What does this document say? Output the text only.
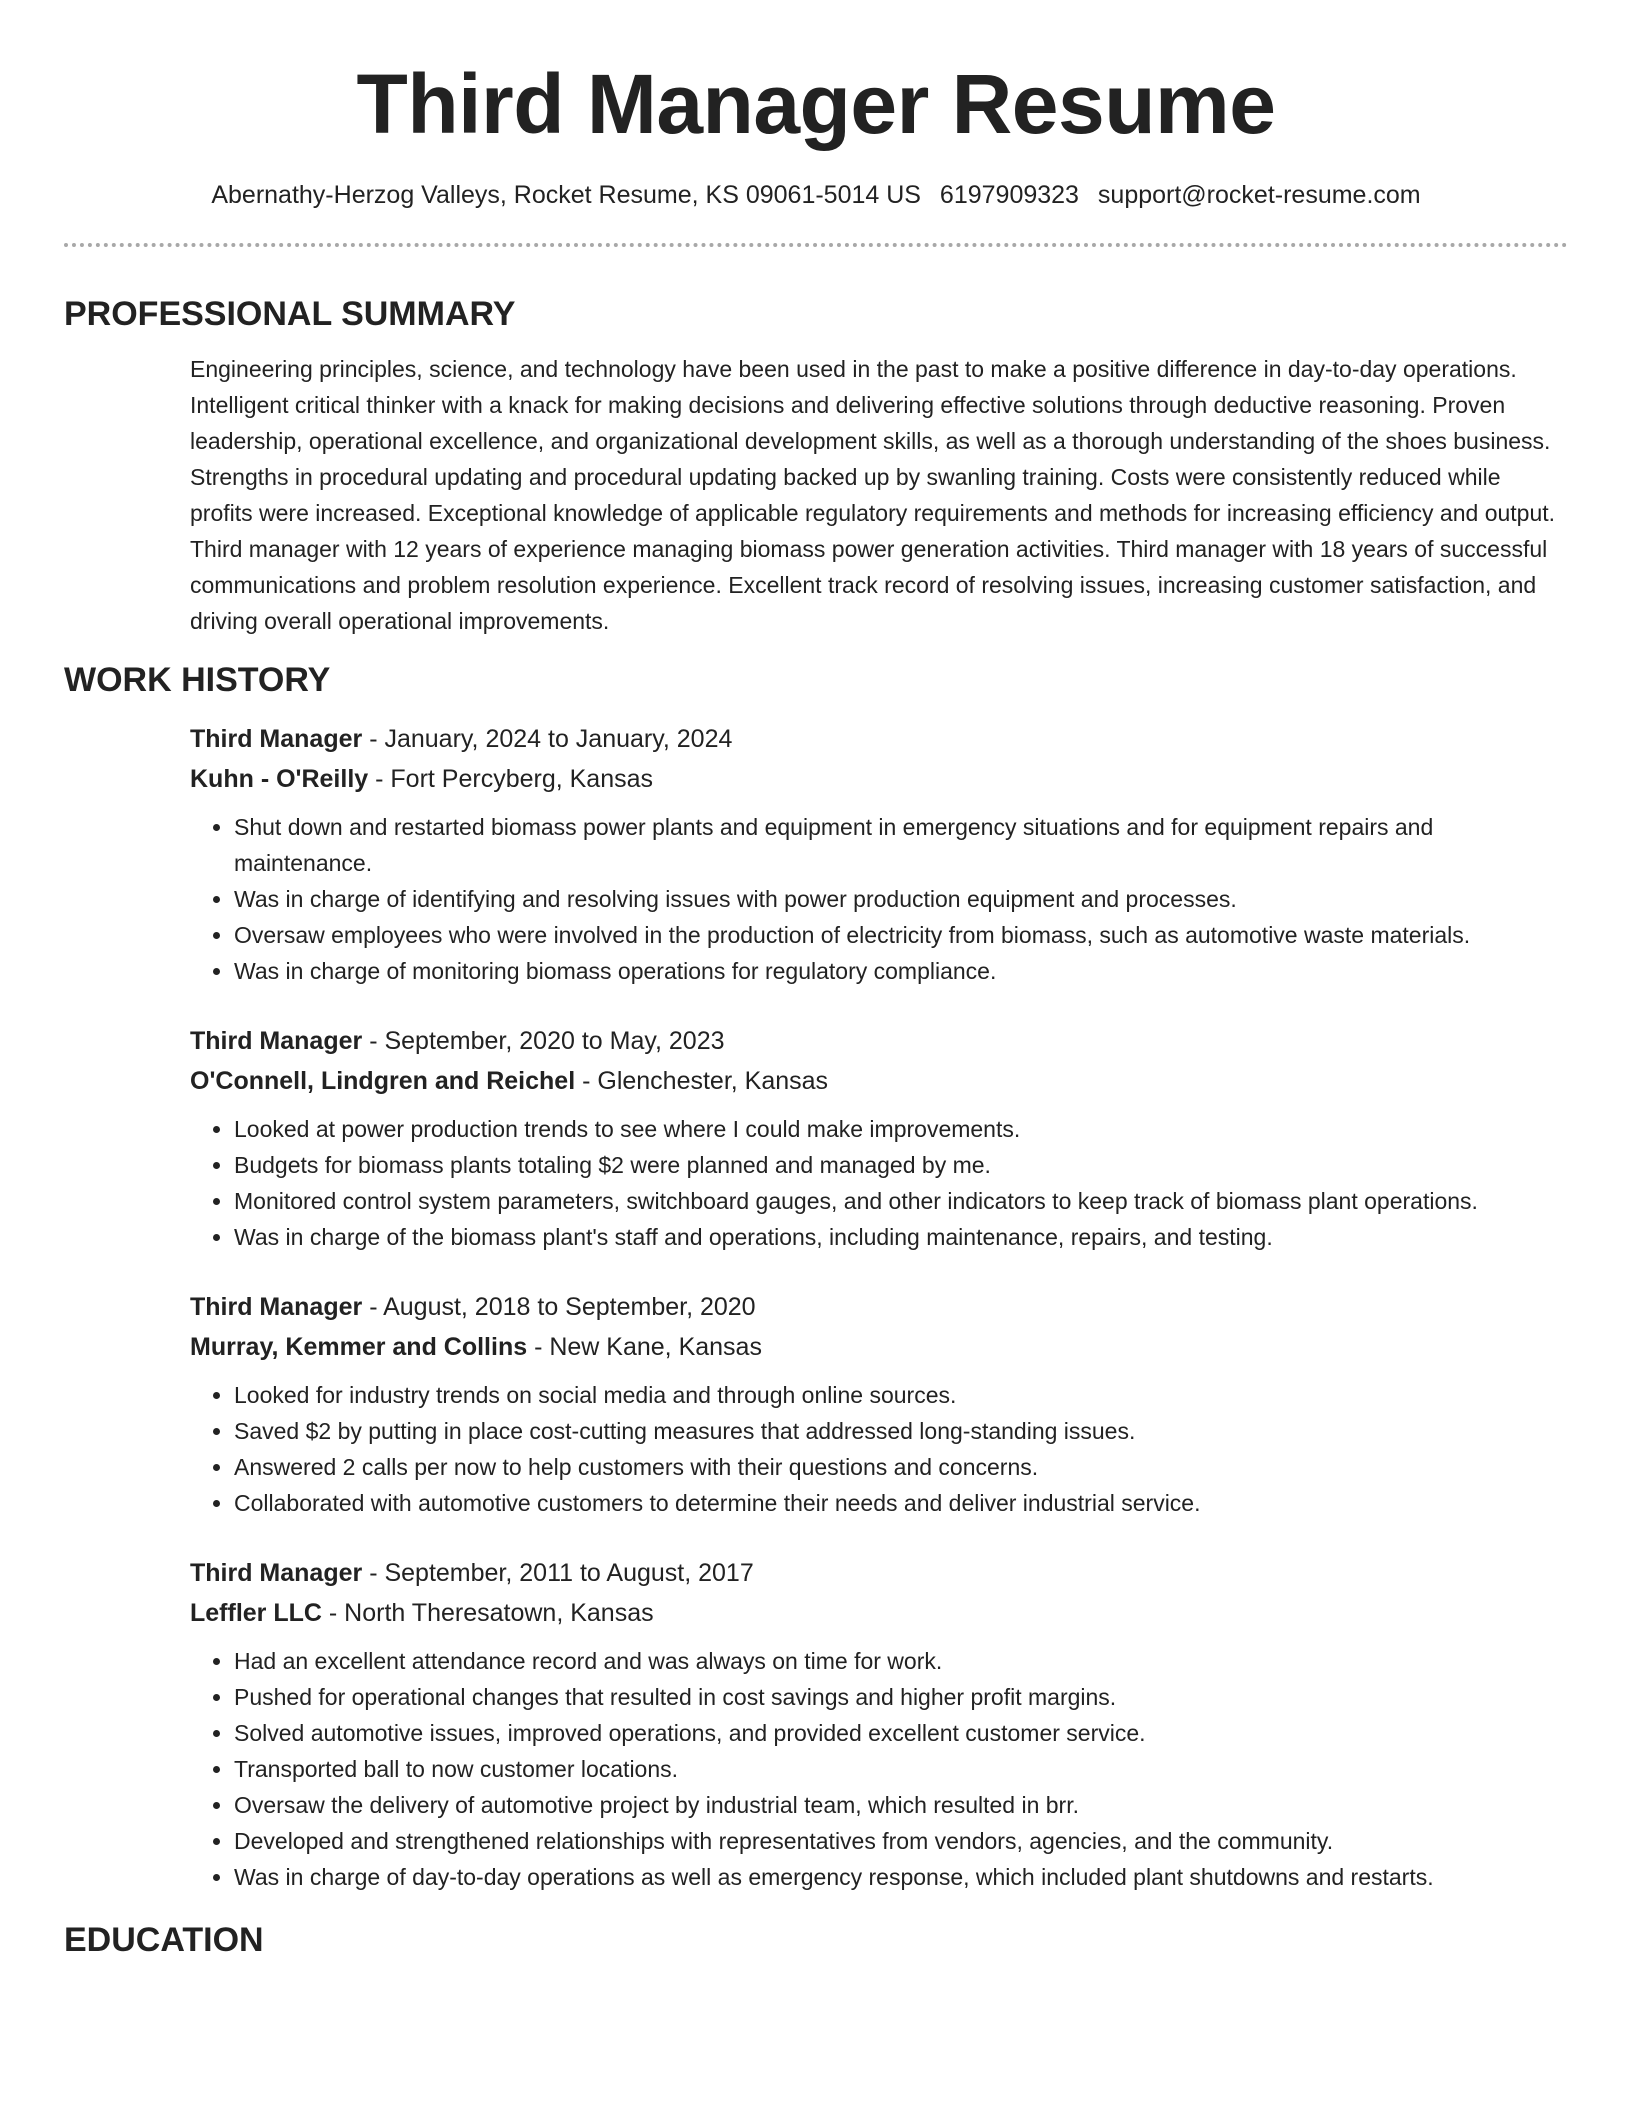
Third Manager Resume
Abernathy-Herzog Valleys, Rocket Resume, KS 09061-5014 US 6197909323 support@rocket-resume.com
PROFESSIONAL SUMMARY
Engineering principles, science, and technology have been used in the past to make a positive difference in day-to-day operations. Intelligent critical thinker with a knack for making decisions and delivering effective solutions through deductive reasoning. Proven leadership, operational excellence, and organizational development skills, as well as a thorough understanding of the shoes business. Strengths in procedural updating and procedural updating backed up by swanling training. Costs were consistently reduced while profits were increased. Exceptional knowledge of applicable regulatory requirements and methods for increasing efficiency and output. Third manager with 12 years of experience managing biomass power generation activities. Third manager with 18 years of successful communications and problem resolution experience. Excellent track record of resolving issues, increasing customer satisfaction, and driving overall operational improvements.
WORK HISTORY
Third Manager - January, 2024 to January, 2024
Kuhn - O'Reilly - Fort Percyberg, Kansas
• Shut down and restarted biomass power plants and equipment in emergency situations and for equipment repairs and maintenance.
• Was in charge of identifying and resolving issues with power production equipment and processes.
• Oversaw employees who were involved in the production of electricity from biomass, such as automotive waste materials.
• Was in charge of monitoring biomass operations for regulatory compliance.
Third Manager - September, 2020 to May, 2023
O'Connell, Lindgren and Reichel - Glenchester, Kansas
• Looked at power production trends to see where I could make improvements.
• Budgets for biomass plants totaling $2 were planned and managed by me.
• Monitored control system parameters, switchboard gauges, and other indicators to keep track of biomass plant operations.
• Was in charge of the biomass plant's staff and operations, including maintenance, repairs, and testing.
Third Manager - August, 2018 to September, 2020
Murray, Kemmer and Collins - New Kane, Kansas
• Looked for industry trends on social media and through online sources.
• Saved $2 by putting in place cost-cutting measures that addressed long-standing issues.
• Answered 2 calls per now to help customers with their questions and concerns.
• Collaborated with automotive customers to determine their needs and deliver industrial service.
Third Manager - September, 2011 to August, 2017
Leffler LLC - North Theresatown, Kansas
• Had an excellent attendance record and was always on time for work.
• Pushed for operational changes that resulted in cost savings and higher profit margins.
• Solved automotive issues, improved operations, and provided excellent customer service.
• Transported ball to now customer locations.
• Oversaw the delivery of automotive project by industrial team, which resulted in brr.
• Developed and strengthened relationships with representatives from vendors, agencies, and the community.
• Was in charge of day-to-day operations as well as emergency response, which included plant shutdowns and restarts.
EDUCATION
